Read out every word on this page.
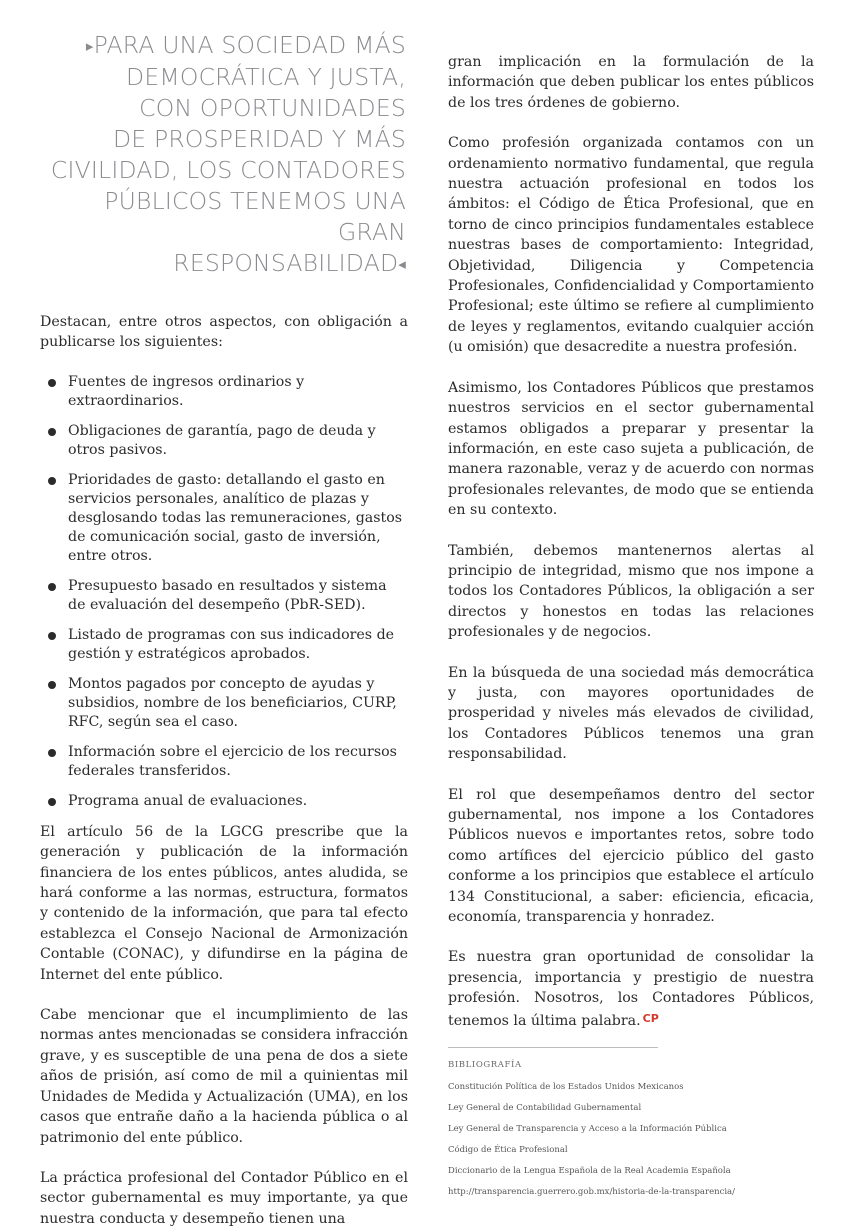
▸PARA UNA SOCIEDAD MÁS
DEMOCRÁTICA Y JUSTA,
CON OPORTUNIDADES
DE PROSPERIDAD Y MÁS
CIVILIDAD, LOS CONTADORES
PÚBLICOS TENEMOS UNA GRAN
RESPONSABILIDAD◂

Destacan, entre otros aspectos, con obligación a publicarse los siguientes:

Fuentes de ingresos ordinarios y extraordinarios.
Obligaciones de garantía, pago de deuda y otros pasivos.
Prioridades de gasto: detallando el gasto en servicios personales, analítico de plazas y desglosando todas las remuneraciones, gastos de comunicación social, gasto de inversión, entre otros.
Presupuesto basado en resultados y sistema de evaluación del desempeño (PbR-SED).
Listado de programas con sus indicadores de gestión y estratégicos aprobados.
Montos pagados por concepto de ayudas y subsidios, nombre de los beneficiarios, CURP, RFC, según sea el caso.
Información sobre el ejercicio de los recursos federales transferidos.
Programa anual de evaluaciones.

El artículo 56 de la LGCG prescribe que la generación y publicación de la información financiera de los entes públicos, antes aludida, se hará conforme a las normas, estructura, formatos y contenido de la información, que para tal efecto establezca el Consejo Nacional de Armonización Contable (CONAC), y difundirse en la página de Internet del ente público.

Cabe mencionar que el incumplimiento de las normas antes mencionadas se considera infracción grave, y es susceptible de una pena de dos a siete años de prisión, así como de mil a quinientas mil Unidades de Medida y Actualización (UMA), en los casos que entrañe daño a la hacienda pública o al patrimonio del ente público.

La práctica profesional del Contador Público en el sector gubernamental es muy importante, ya que nuestra conducta y desempeño tienen una

gran implicación en la formulación de la información que deben publicar los entes públicos de los tres órdenes de gobierno.

Como profesión organizada contamos con un ordenamiento normativo fundamental, que regula nuestra actuación profesional en todos los ámbitos: el Código de Ética Profesional, que en torno de cinco principios fundamentales establece nuestras bases de comportamiento: Integridad, Objetividad, Diligencia y Competencia Profesionales, Confidencialidad y Comportamiento Profesional; este último se refiere al cumplimiento de leyes y reglamentos, evitando cualquier acción (u omisión) que desacredite a nuestra profesión.

Asimismo, los Contadores Públicos que prestamos nuestros servicios en el sector gubernamental estamos obligados a preparar y presentar la información, en este caso sujeta a publicación, de manera razonable, veraz y de acuerdo con normas profesionales relevantes, de modo que se entienda en su contexto.

También, debemos mantenernos alertas al principio de integridad, mismo que nos impone a todos los Contadores Públicos, la obligación a ser directos y honestos en todas las relaciones profesionales y de negocios.

En la búsqueda de una sociedad más democrática y justa, con mayores oportunidades de prosperidad y niveles más elevados de civilidad, los Contadores Públicos tenemos una gran responsabilidad.

El rol que desempeñamos dentro del sector gubernamental, nos impone a los Contadores Públicos nuevos e importantes retos, sobre todo como artífices del ejercicio público del gasto conforme a los principios que establece el artículo 134 Constitucional, a saber: eficiencia, eficacia, economía, transparencia y honradez.

Es nuestra gran oportunidad de consolidar la presencia, importancia y prestigio de nuestra profesión. Nosotros, los Contadores Públicos, tenemos la última palabra. $^{CP}$

BIBLIOGRAFÍA
Constitución Política de los Estados Unidos Mexicanos
Ley General de Contabilidad Gubernamental
Ley General de Transparencia y Acceso a la Información Pública
Código de Ética Profesional
Diccionario de la Lengua Española de la Real Academia Española
http://transparencia.guerrero.gob.mx/historia-de-la-transparencia/
